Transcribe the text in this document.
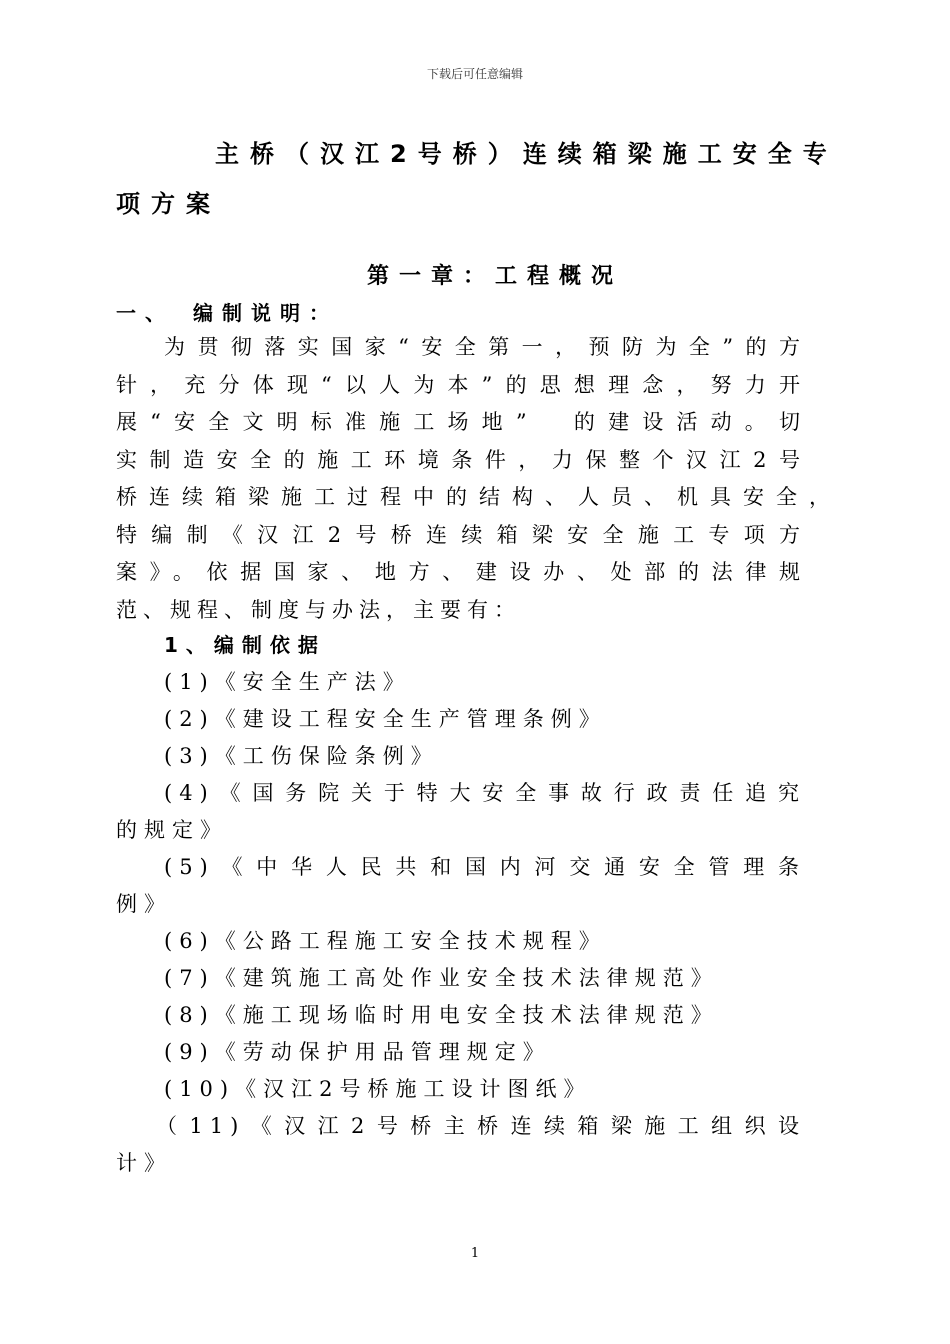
下载后可任意编辑
主桥（汉江2号桥）连续箱梁施工安全专
项方案
第一章：工程概况
一、　编制说明：
为贯彻落实国家“安全第一，预防为全”的方
针，充分体现“以人为本”的思想理念，努力开
展“安全文明标准施工场地”　的建设活动。切
实制造安全的施工环境条件，力保整个汉江2号
桥连续箱梁施工过程中的结构、人员、机具安全，
特编制《汉江2号桥连续箱梁安全施工专项方
案》。依据国家、地方、建设办、处部的法律规
范、规程、制度与办法，主要有：
1、编制依据
(1)《安全生产法》
(2)《建设工程安全生产管理条例》
(3)《工伤保险条例》
(4)《国务院关于特大安全事故行政责任追究
的规定》
(5)《中华人民共和国内河交通安全管理条
例》
(6)《公路工程施工安全技术规程》
(7)《建筑施工高处作业安全技术法律规范》
(8)《施工现场临时用电安全技术法律规范》
(9)《劳动保护用品管理规定》
(10)《汉江2号桥施工设计图纸》
（11)《汉江2号桥主桥连续箱梁施工组织设
计》
1
